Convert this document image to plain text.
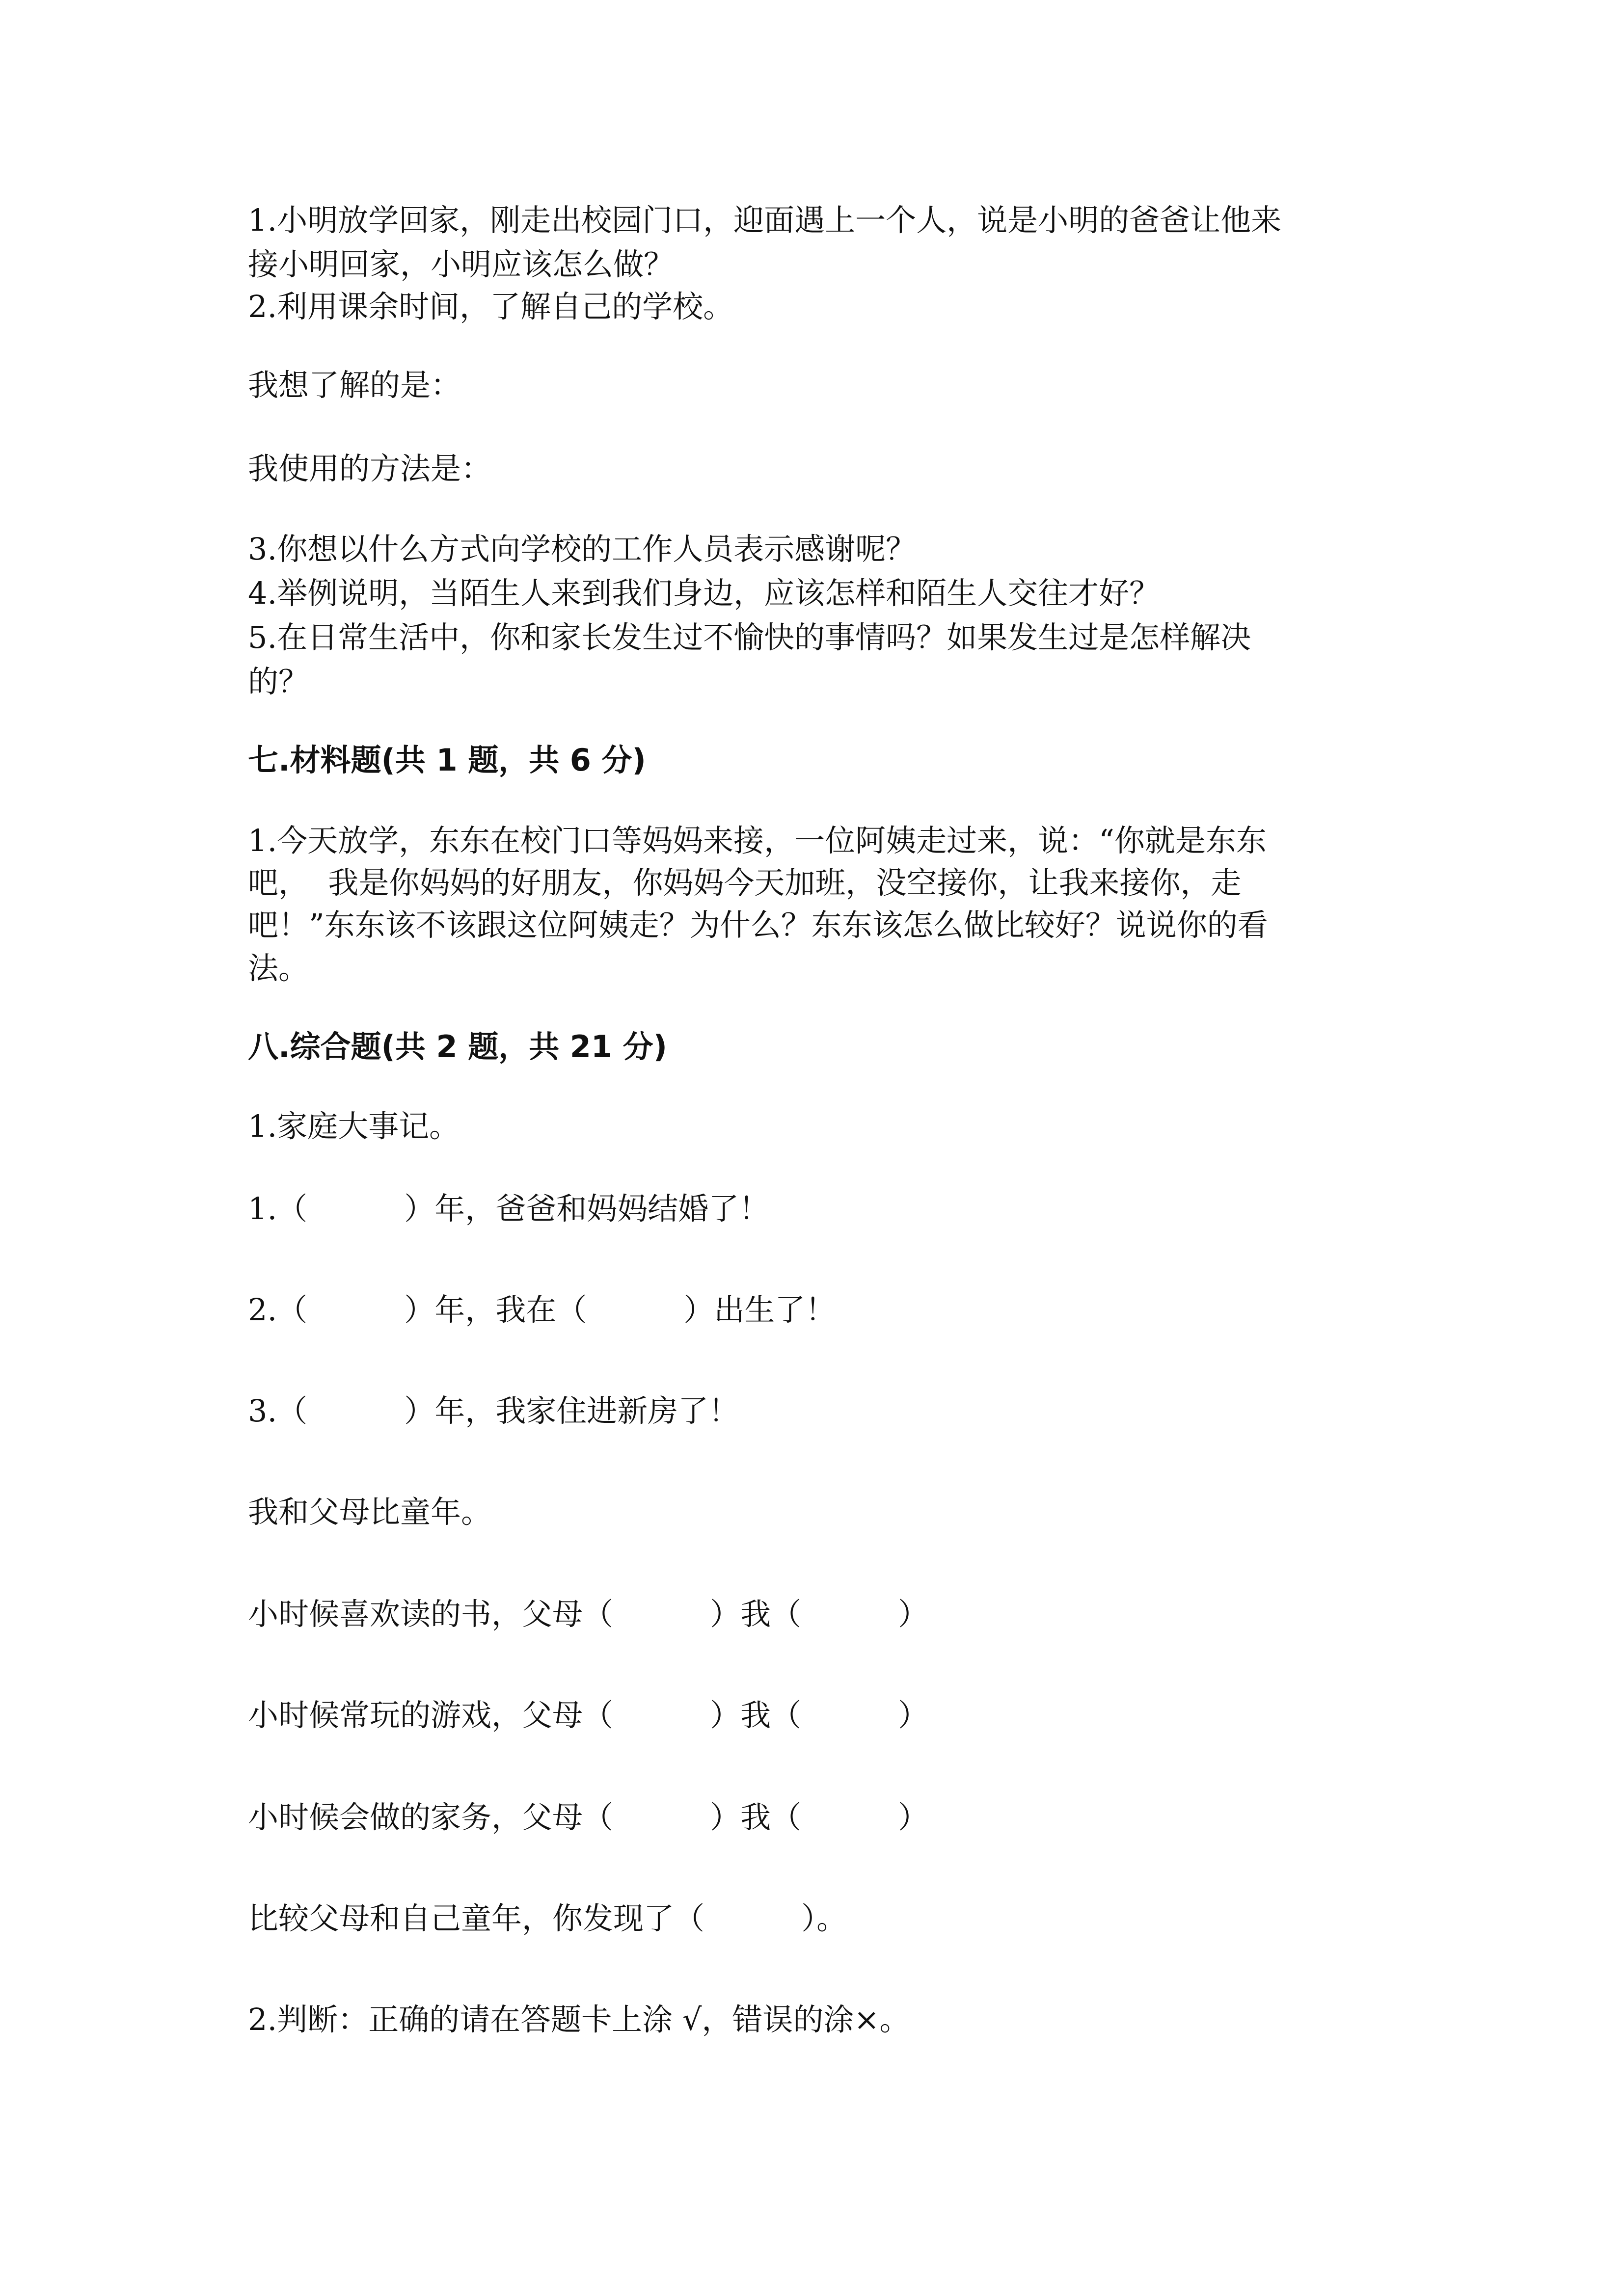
1.小明放学回家，刚走出校园门口，迎面遇上一个人，说是小明的爸爸让他来

接小明回家，小明应该怎么做？

2.利用课余时间，了解自己的学校。

我想了解的是：

我使用的方法是：

3.你想以什么方式向学校的工作人员表示感谢呢？

4.举例说明，当陌生人来到我们身边，应该怎样和陌生人交往才好？

5.在日常生活中，你和家长发生过不愉快的事情吗？如果发生过是怎样解决

的？

七.材料题(共 1 题，共 6 分)

1.今天放学，东东在校门口等妈妈来接，一位阿姨走过来，说：“你就是东东

吧，  我是你妈妈的好朋友，你妈妈今天加班，没空接你，让我来接你，走

吧！”东东该不该跟这位阿姨走？为什么？东东该怎么做比较好？说说你的看

法。

八.综合题(共 2 题，共 21 分)

1.家庭大事记。

1.（          ）年，爸爸和妈妈结婚了！

2.（          ）年，我在（          ）出生了！

3.（          ）年，我家住进新房了！

我和父母比童年。

小时候喜欢读的书，父母（          ）我（          ）

小时候常玩的游戏，父母（          ）我（          ）

小时候会做的家务，父母（          ）我（          ）

比较父母和自己童年，你发现了（          ）。

2.判断：正确的请在答题卡上涂 √，错误的涂×。
